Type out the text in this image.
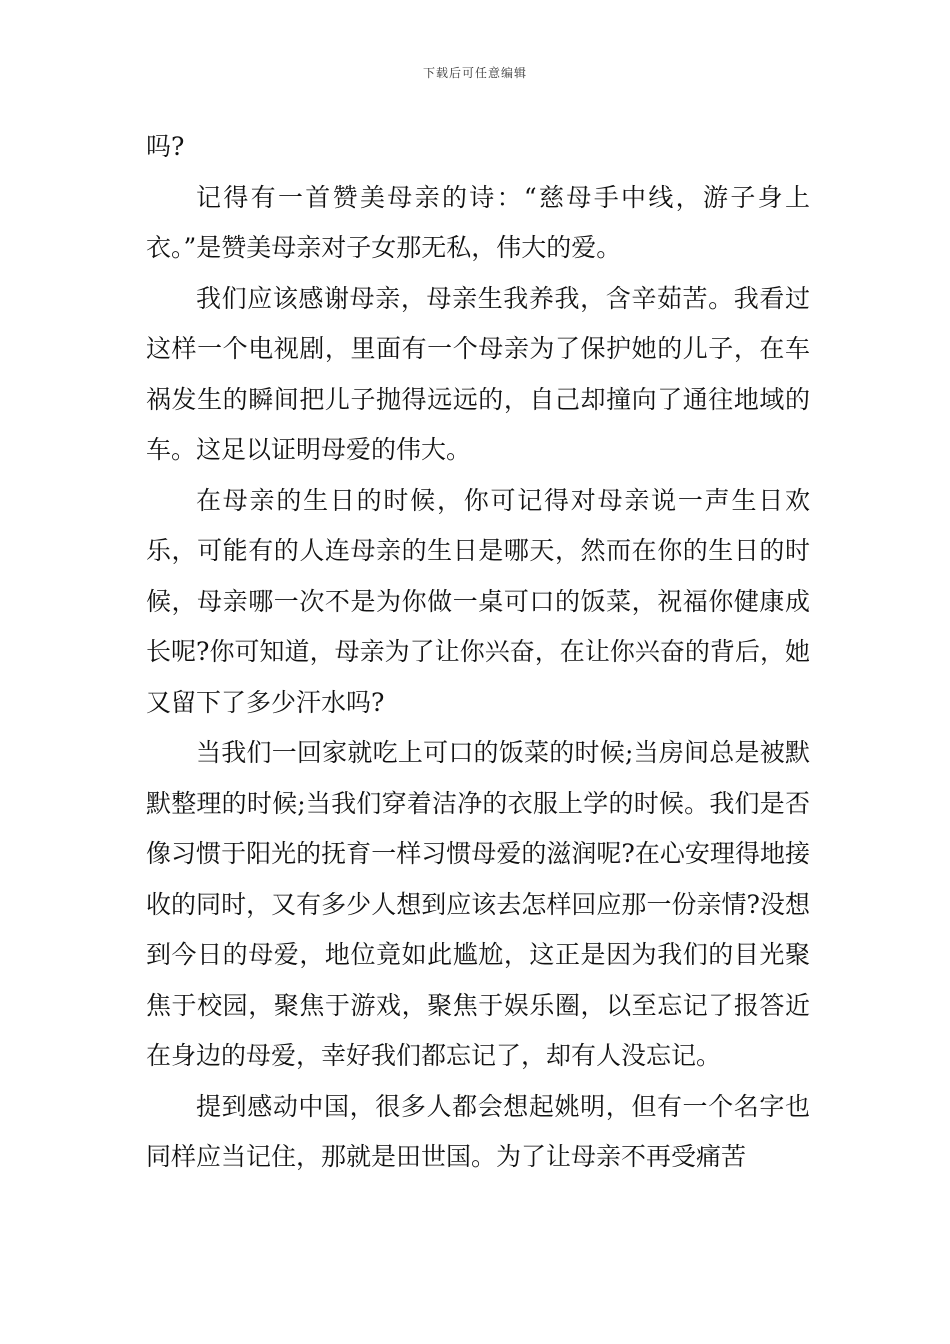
下载后可任意编辑

吗?

记得有一首赞美母亲的诗：“慈母手中线，游子身上衣。”是赞美母亲对子女那无私，伟大的爱。

我们应该感谢母亲，母亲生我养我，含辛茹苦。我看过这样一个电视剧，里面有一个母亲为了保护她的儿子，在车祸发生的瞬间把儿子抛得远远的，自己却撞向了通往地域的车。这足以证明母爱的伟大。

在母亲的生日的时候，你可记得对母亲说一声生日欢乐，可能有的人连母亲的生日是哪天，然而在你的生日的时候，母亲哪一次不是为你做一桌可口的饭菜，祝福你健康成长呢?你可知道，母亲为了让你兴奋，在让你兴奋的背后，她又留下了多少汗水吗?

当我们一回家就吃上可口的饭菜的时候;当房间总是被默默整理的时候;当我们穿着洁净的衣服上学的时候。我们是否像习惯于阳光的抚育一样习惯母爱的滋润呢?在心安理得地接收的同时，又有多少人想到应该去怎样回应那一份亲情?没想到今日的母爱，地位竟如此尴尬，这正是因为我们的目光聚焦于校园，聚焦于游戏，聚焦于娱乐圈，以至忘记了报答近在身边的母爱，幸好我们都忘记了，却有人没忘记。

提到感动中国，很多人都会想起姚明，但有一个名字也同样应当记住，那就是田世国。为了让母亲不再受痛苦
